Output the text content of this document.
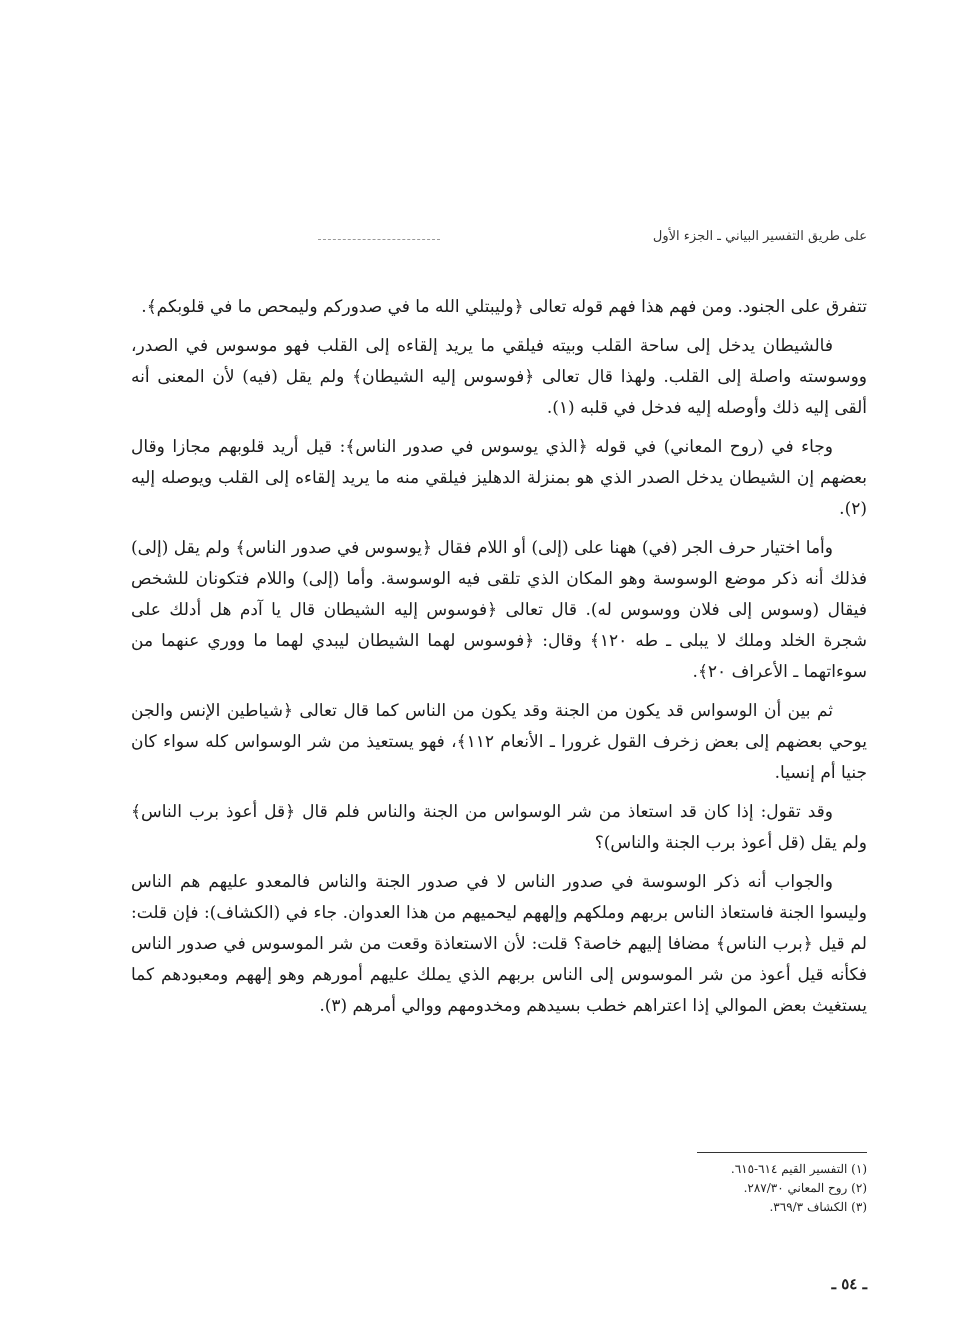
على طريق التفسير البياني ـ الجزء الأول

تتفرق على الجنود. ومن فهم هذا فهم قوله تعالى ﴿وليبتلي الله ما في صدوركم وليمحص ما في قلوبكم﴾.

فالشيطان يدخل إلى ساحة القلب وبيته فيلقي ما يريد إلقاءه إلى القلب فهو موسوس في الصدر، ووسوسته واصلة إلى القلب. ولهذا قال تعالى ﴿فوسوس إليه الشيطان﴾ ولم يقل (فيه) لأن المعنى أنه ألقى إليه ذلك وأوصله إليه فدخل في قلبه (١).

وجاء في (روح المعاني) في قوله ﴿الذي يوسوس في صدور الناس﴾: قيل أريد قلوبهم مجازا وقال بعضهم إن الشيطان يدخل الصدر الذي هو بمنزلة الدهليز فيلقي منه ما يريد إلقاءه إلى القلب ويوصله إليه (٢).

وأما اختيار حرف الجر (في) ههنا على (إلى) أو اللام فقال ﴿يوسوس في صدور الناس﴾ ولم يقل (إلى) فذلك أنه ذكر موضع الوسوسة وهو المكان الذي تلقى فيه الوسوسة. وأما (إلى) واللام فتكونان للشخص فيقال (وسوس إلى فلان ووسوس له). قال تعالى ﴿فوسوس إليه الشيطان قال يا آدم هل أدلك على شجرة الخلد وملك لا يبلى ـ طه ١٢٠﴾ وقال: ﴿فوسوس لهما الشيطان ليبدي لهما ما ووري عنهما من سوءاتهما ـ الأعراف ٢٠﴾.

ثم بين أن الوسواس قد يكون من الجنة وقد يكون من الناس كما قال تعالى ﴿شياطين الإنس والجن يوحي بعضهم إلى بعض زخرف القول غرورا ـ الأنعام ١١٢﴾، فهو يستعيذ من شر الوسواس كله سواء كان جنيا أم إنسيا.

وقد تقول: إذا كان قد استعاذ من شر الوسواس من الجنة والناس فلم قال ﴿قل أعوذ برب الناس﴾ ولم يقل (قل أعوذ برب الجنة والناس)؟

والجواب أنه ذكر الوسوسة في صدور الناس لا في صدور الجنة والناس فالمعدو عليهم هم الناس وليسوا الجنة فاستعاذ الناس بربهم وملكهم وإلههم ليحميهم من هذا العدوان. جاء في (الكشاف): فإن قلت: لم قيل ﴿برب الناس﴾ مضافا إليهم خاصة؟ قلت: لأن الاستعاذة وقعت من شر الموسوس في صدور الناس فكأنه قيل أعوذ من شر الموسوس إلى الناس بربهم الذي يملك عليهم أمورهم وهو إلههم ومعبودهم كما يستغيث بعض الموالي إذا اعتراهم خطب بسيدهم ومخدومهم ووالي أمرهم (٣).

(١) التفسير القيم ٦١٤-٦١٥.
(٢) روح المعاني ٢٨٧/٣٠.
(٣) الكشاف ٣٦٩/٣.
ـ ٥٤ ـ
